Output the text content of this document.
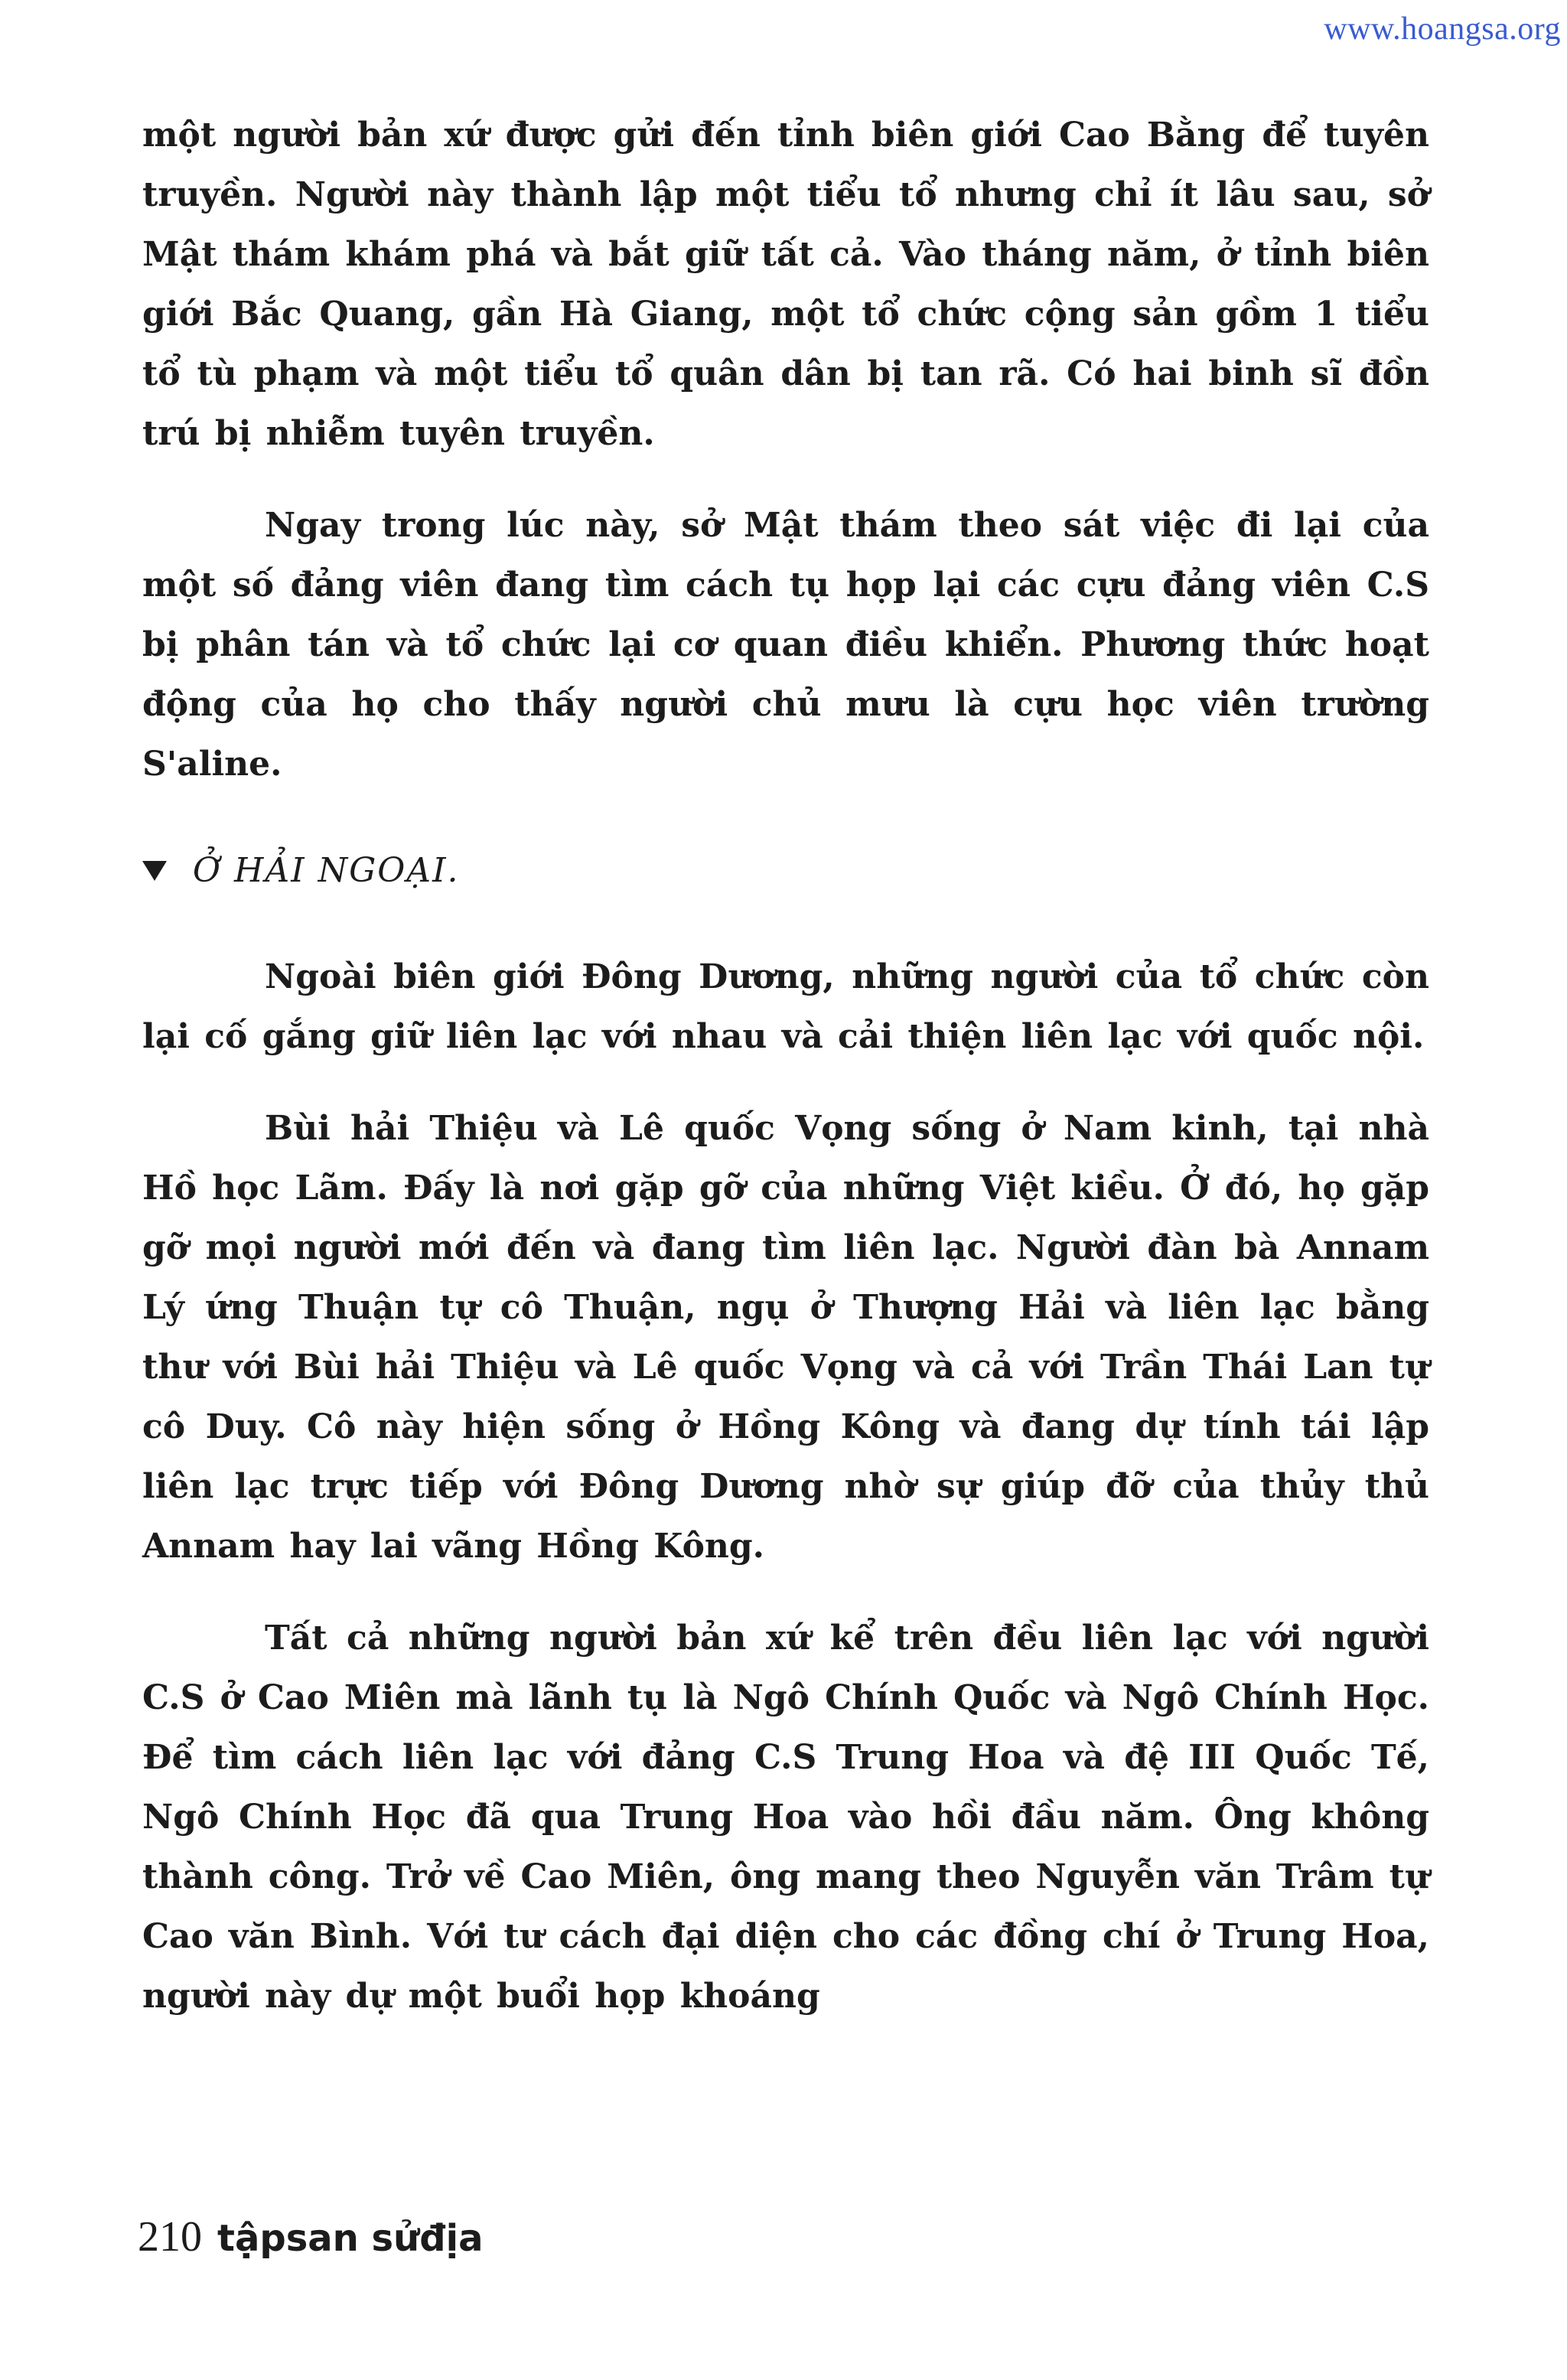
www.hoangsa.org

một người bản xứ được gửi đến tỉnh biên giới Cao Bằng để tuyên truyền. Người này thành lập một tiểu tổ nhưng chỉ ít lâu sau, sở Mật thám khám phá và bắt giữ tất cả. Vào tháng năm, ở tỉnh biên giới Bắc Quang, gần Hà Giang, một tổ chức cộng sản gồm 1 tiểu tổ tù phạm và một tiểu tổ quân dân bị tan rã. Có hai binh sĩ đồn trú bị nhiễm tuyên truyền.

Ngay trong lúc này, sở Mật thám theo sát việc đi lại của một số đảng viên đang tìm cách tụ họp lại các cựu đảng viên C.S bị phân tán và tổ chức lại cơ quan điều khiển. Phương thức hoạt động của họ cho thấy người chủ mưu là cựu học viên trường S'aline.

Ở HẢI NGOẠI.

Ngoài biên giới Đông Dương, những người của tổ chức còn lại cố gắng giữ liên lạc với nhau và cải thiện liên lạc với quốc nội.

Bùi hải Thiệu và Lê quốc Vọng sống ở Nam kinh, tại nhà Hồ học Lãm. Đấy là nơi gặp gỡ của những Việt kiều. Ở đó, họ gặp gỡ mọi người mới đến và đang tìm liên lạc. Người đàn bà Annam Lý ứng Thuận tự cô Thuận, ngụ ở Thượng Hải và liên lạc bằng thư với Bùi hải Thiệu và Lê quốc Vọng và cả với Trần Thái Lan tự cô Duy. Cô này hiện sống ở Hồng Kông và đang dự tính tái lập liên lạc trực tiếp với Đông Dương nhờ sự giúp đỡ của thủy thủ Annam hay lai vãng Hồng Kông.

Tất cả những người bản xứ kể trên đều liên lạc với người C.S ở Cao Miên mà lãnh tụ là Ngô Chính Quốc và Ngô Chính Học. Để tìm cách liên lạc với đảng C.S Trung Hoa và đệ III Quốc Tế, Ngô Chính Học đã qua Trung Hoa vào hồi đầu năm. Ông không thành công. Trở về Cao Miên, ông mang theo Nguyễn văn Trâm tự Cao văn Bình. Với tư cách đại diện cho các đồng chí ở Trung Hoa, người này dự một buổi họp khoáng

210 tậpsan sửđịa
